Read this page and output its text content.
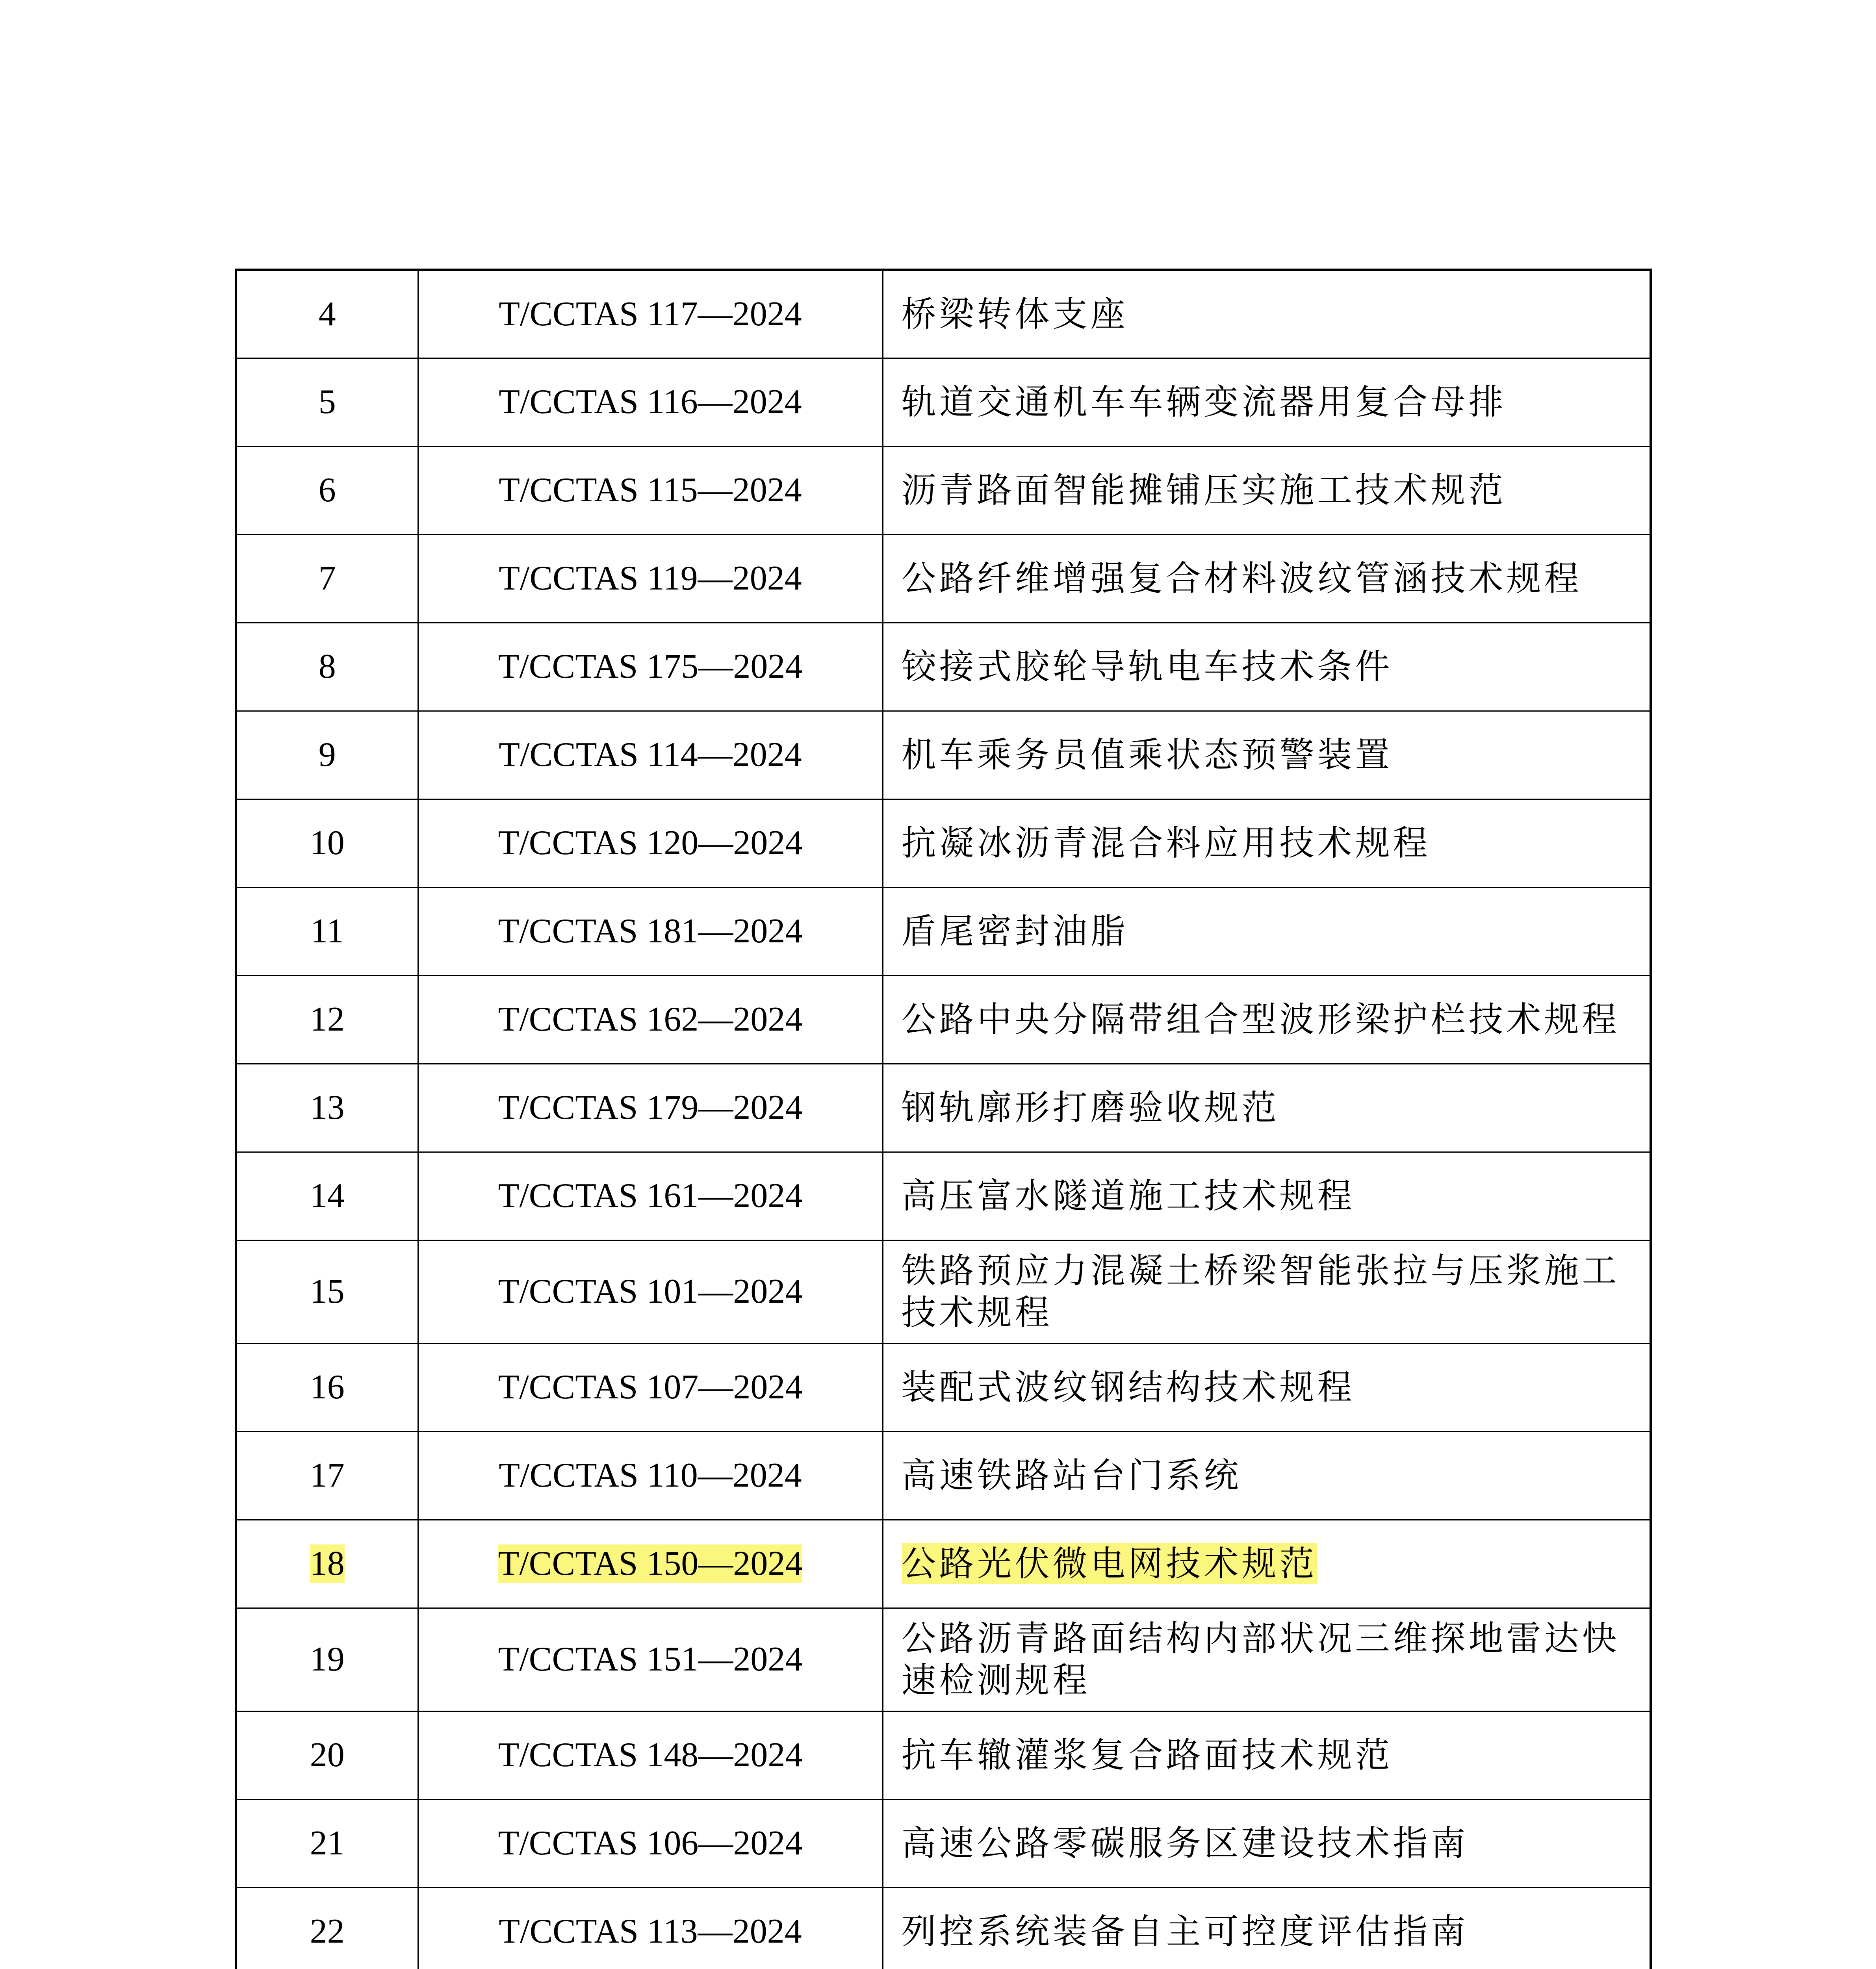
4	T/CCTAS 117—2024	桥梁转体支座
5	T/CCTAS 116—2024	轨道交通机车车辆变流器用复合母排
6	T/CCTAS 115—2024	沥青路面智能摊铺压实施工技术规范
7	T/CCTAS 119—2024	公路纤维增强复合材料波纹管涵技术规程
8	T/CCTAS 175—2024	铰接式胶轮导轨电车技术条件
9	T/CCTAS 114—2024	机车乘务员值乘状态预警装置
10	T/CCTAS 120—2024	抗凝冰沥青混合料应用技术规程
11	T/CCTAS 181—2024	盾尾密封油脂
12	T/CCTAS 162—2024	公路中央分隔带组合型波形梁护栏技术规程
13	T/CCTAS 179—2024	钢轨廓形打磨验收规范
14	T/CCTAS 161—2024	高压富水隧道施工技术规程
15	T/CCTAS 101—2024	铁路预应力混凝土桥梁智能张拉与压浆施工技术规程
16	T/CCTAS 107—2024	装配式波纹钢结构技术规程
17	T/CCTAS 110—2024	高速铁路站台门系统
18	T/CCTAS 150—2024	公路光伏微电网技术规范
19	T/CCTAS 151—2024	公路沥青路面结构内部状况三维探地雷达快速检测规程
20	T/CCTAS 148—2024	抗车辙灌浆复合路面技术规范
21	T/CCTAS 106—2024	高速公路零碳服务区建设技术指南
22	T/CCTAS 113—2024	列控系统装备自主可控度评估指南
